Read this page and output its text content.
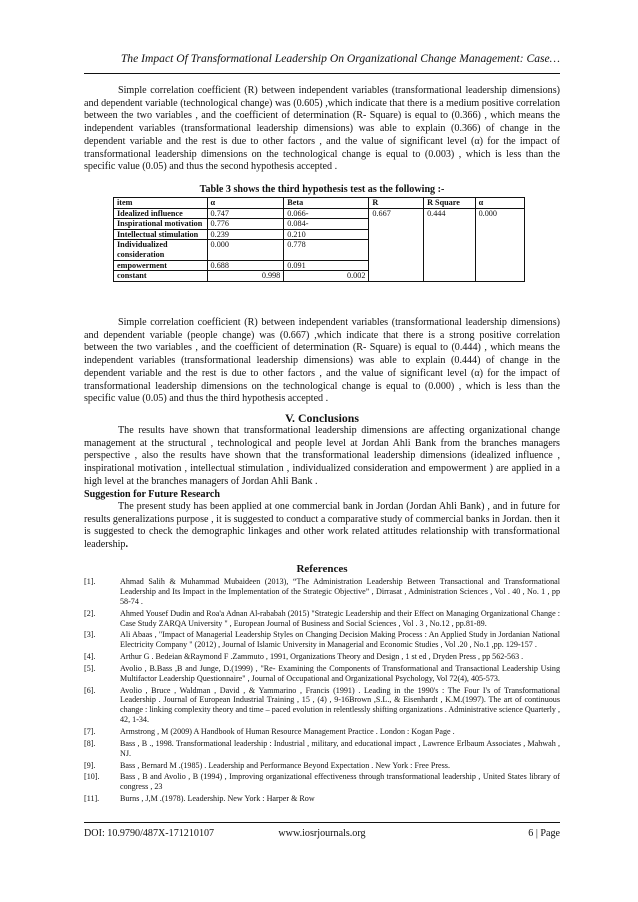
The Impact Of Transformational Leadership On Organizational Change Management: Case…

Simple correlation coefficient (R) between independent variables (transformational leadership dimensions) and dependent variable (technological change) was (0.605) ,which indicate that there is a medium positive correlation between the two variables , and the coefficient of determination (R- Square) is equal to (0.366) , which means the independent variables (transformational leadership dimensions) was able to explain (0.366) of change in the dependent variable and the rest is due to other factors , and the value of significant level (α) for the impact of transformational leadership dimensions on the technological change is equal to (0.003) , which is less than the specific value (0.05) and thus the second hypothesis accepted .

Table 3 shows the third hypothesis test as the following :-
item	α	Beta	R	R Square	α
Idealized influence	0.747	0.066-	0.667	0.444	0.000
Inspirational motivation	0.776	0.084-			
Intellectual stimulation	0.239	0.210			
Individualized consideration	0.000	0.778			
empowerment	0.688	0.091			
constant	0.998	0.002			

Simple correlation coefficient (R) between independent variables (transformational leadership dimensions) and dependent variable (people change) was (0.667) ,which indicate that there is a strong positive correlation between the two variables , and the coefficient of determination (R- Square) is equal to (0.444) , which means the independent variables (transformational leadership dimensions) was able to explain (0.444) of change in the dependent variable and the rest is due to other factors , and the value of significant level (α) for the impact of transformational leadership dimensions on the technological change is equal to (0.000) , which is less than the specific value (0.05) and thus the third hypothesis accepted .

V. Conclusions

The results have shown that transformational leadership dimensions are affecting organizational change management at the structural , technological and people level at Jordan Ahli Bank from the branches managers perspective , also the results have shown that the transformational leadership dimensions (idealized influence , inspirational motivation , intellectual stimulation , individualized consideration and empowerment ) are applied in a high level at the branches managers of Jordan Ahli Bank .

Suggestion for Future Research

The present study has been applied at one commercial bank in Jordan (Jordan Ahli Bank) , and in future for results generalizations purpose , it is suggested to conduct a comparative study of commercial banks in Jordan. then it is suggested to check the demographic linkages and other work related attitudes relationship with transformational leadership.

References
[1].	Ahmad Salih & Muhammad Mubaideen (2013), “The Administration Leadership Between Transactional and Transformational Leadership and Its Impact in the Implementation of the Strategic Objective” , Dirrasat , Administration Sciences , Vol . 40 , No. 1 , pp 58-74 .
[2].	Ahmed Yousef Dudin and Roa'a Adnan Al-rababah (2015) "Strategic Leadership and their Effect on Managing Organizational Change : Case Study ZARQA University " , European Journal of Business and Social Sciences , Vol . 3 , No.12 , pp.81-89.
[3].	Ali Abaas , "Impact of Managerial Leadership Styles on Changing Decision Making Process : An Applied Study in Jordanian National Electricity Company " (2012) , Journal of Islamic University in Managerial and Economic Studies , Vol .20 , No.1 ,pp. 129-157 .
[4].	Arthur G . Bedeian &Raymond F .Zammuto , 1991, Organizations Theory and Design , 1 st ed , Dryden Press , pp 562-563 .
[5].	Avolio , B.Bass ,B and Junge, D.(1999) , "Re- Examining the Components of Transformational and Transactional Leadership Using Multifactor Leadership Questionnaire" , Journal of Occupational and Organizational Psychology, Vol 72(4), 405-573.
[6].	Avolio , Bruce , Waldman , David , & Yammarino , Francis (1991) . Leading in the 1990's : The Four I's of Transformational Leadership . Journal of European Industrial Training , 15 , (4) , 9-16Brown ,S.L., & Eisenhardt , K.M.(1997). The art of continuous change : linking complexity theory and time – paced evolution in relentlessly shifting organizations . Administrative science Quarterly , 42, 1-34.
[7].	Armstrong , M (2009) A Handbook of Human Resource Management Practice . London : Kogan Page .
[8].	Bass , B ., 1998. Transformational leadership : Industrial , military, and educational impact , Lawrence Erlbaum Associates , Mahwah , NJ.
[9].	Bass , Bernard M .(1985) . Leadership and Performance Beyond Expectation . New York : Free Press.
[10].	Bass , B and Avolio , B (1994) , Improving organizational effectiveness through transformational leadership , United States library of congress , 23
[11].	Burns , J,M .(1978). Leadership. New York : Harper & Row
DOI: 10.9790/487X-171210107	www.iosrjournals.org	6 | Page
